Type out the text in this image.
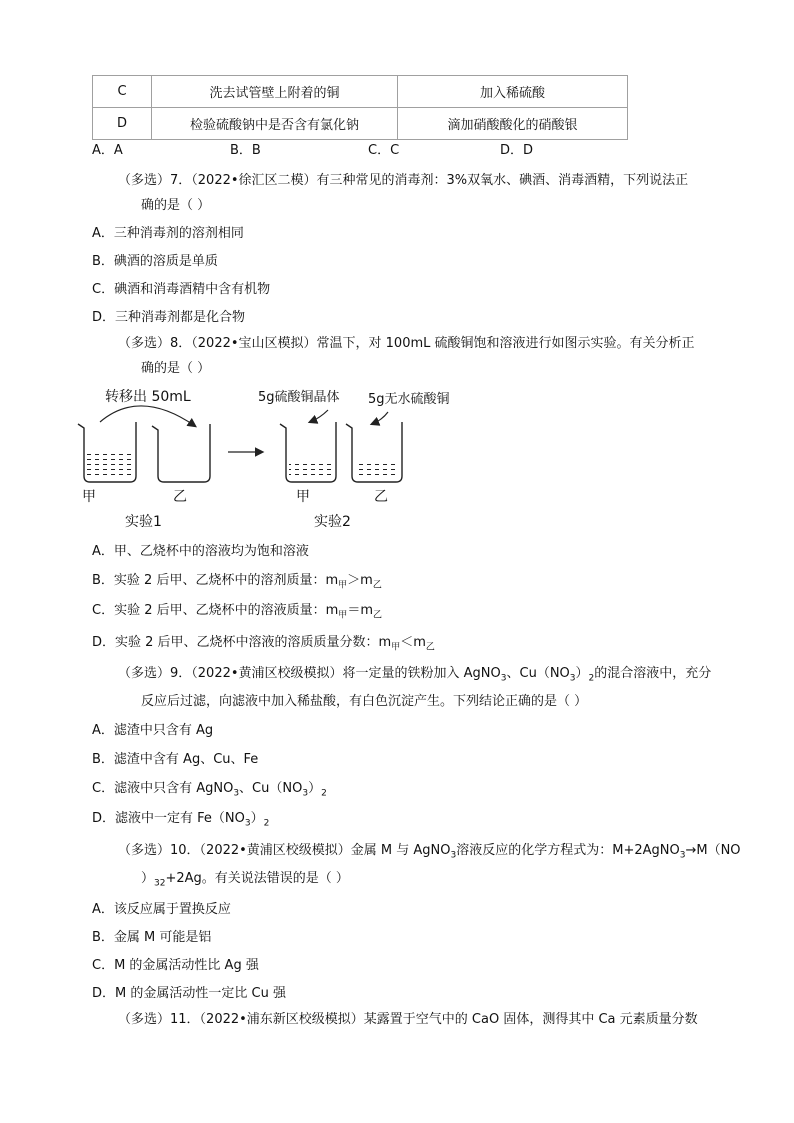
C	洗去试管壁上附着的铜	加入稀硫酸
D	检验硫酸钠中是否含有氯化钠	滴加硝酸酸化的硝酸银
A．A	B．B	C．C	D．D
（多选）7．（2022•徐汇区二模）有三种常见的消毒剂：3%双氧水、碘酒、消毒酒精，下列说法正
确的是（ ）
A．三种消毒剂的溶剂相同
B．碘酒的溶质是单质
C．碘酒和消毒酒精中含有机物
D．三种消毒剂都是化合物
（多选）8．（2022•宝山区模拟）常温下，对 100mL 硫酸铜饱和溶液进行如图示实验。有关分析正
确的是（ ）
转移出 50mL	5g硫酸铜晶体 5g无水硫酸铜
甲	乙	甲	乙
实验1	实验2
A．甲、乙烧杯中的溶液均为饱和溶液
B．实验 2 后甲、乙烧杯中的溶剂质量：$m_甲>m_乙$
C．实验 2 后甲、乙烧杯中的溶液质量：$m_甲=m_乙$
D．实验 2 后甲、乙烧杯中溶液的溶质质量分数：$m_甲<m_乙$
（多选）9．（2022•黄浦区校级模拟）将一定量的铁粉加入 AgNO$_3$、$Cu(NO_3)_2$的混合溶液中，充分
反应后过滤，向滤液中加入稀盐酸，有白色沉淀产生。下列结论正确的是（ ）
A．滤渣中只含有 Ag
B．滤渣中含有 Ag、Cu、Fe
C．滤液中只含有 AgNO$_3$、$Cu(NO_3)_2$
D．滤液中一定有 $Fe(NO_3)_2$
（多选）10．（2022•黄浦区校级模拟）金属 M 与 AgNO$_3$溶液反应的化学方程式为：M+2AgNO$_3$→M（NO
）$_{32}+2Ag$。有关说法错误的是（ ）
A．该反应属于置换反应
B．金属 M 可能是铝
C．M 的金属活动性比 Ag 强
D．M 的金属活动性一定比 Cu 强
（多选）11．（2022•浦东新区校级模拟）某露置于空气中的 CaO 固体，测得其中 Ca 元素质量分数
